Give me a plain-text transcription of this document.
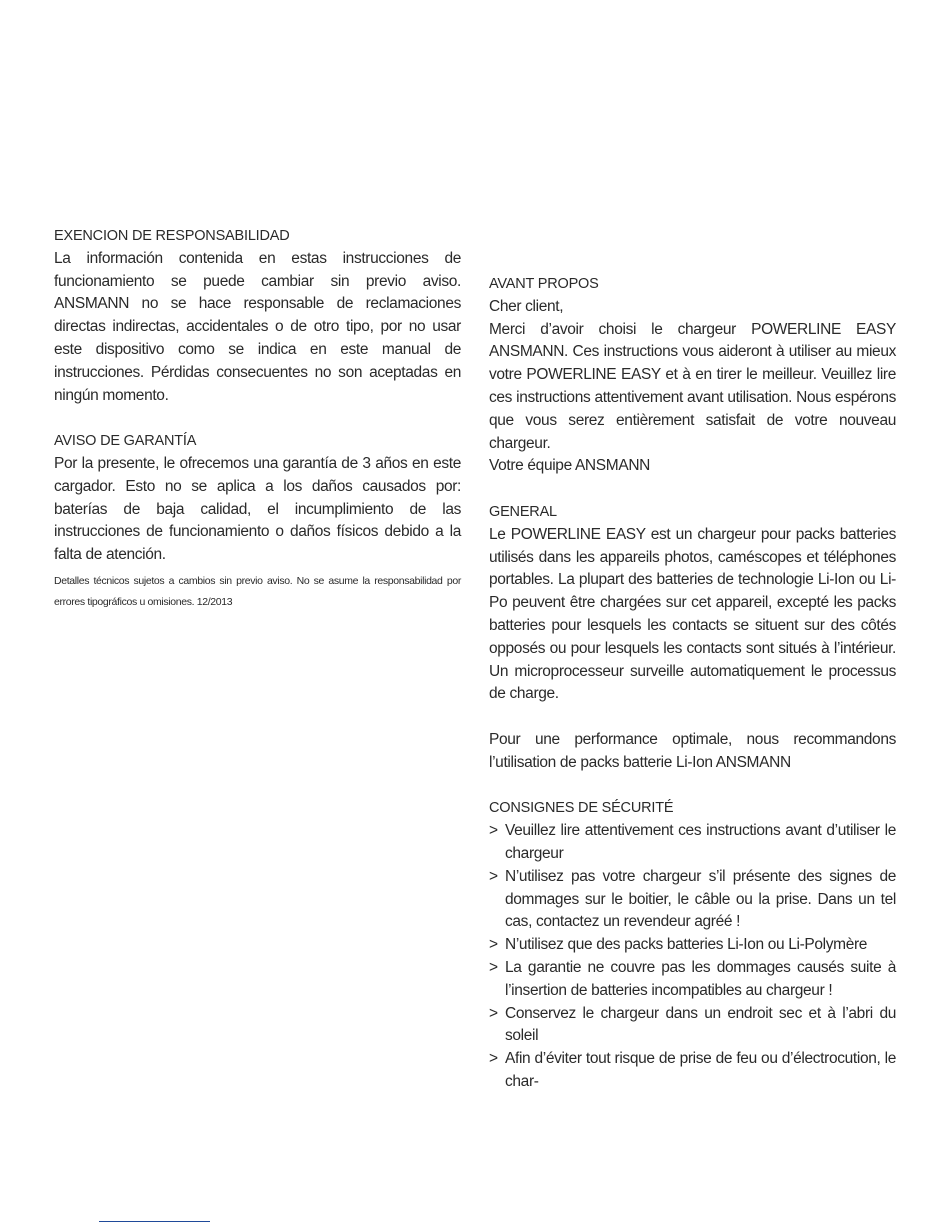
EXENCION DE RESPONSABILIDAD

La información contenida en estas instrucciones de funcionamiento se puede cambiar sin previo aviso. ANSMANN no se hace responsable de reclamaciones directas indirectas, accidentales o de otro tipo, por no usar este dispositivo como se indica en este manual de instrucciones. Pérdidas consecuentes no son aceptadas en ningún momento.

AVISO DE GARANTÍA

Por la presente, le ofrecemos una garantía de 3 años en este cargador. Esto no se aplica a los daños causados por: baterías de baja calidad, el incumplimiento de las instrucciones de funcionamiento o daños físicos debido a la falta de atención.

Detalles técnicos sujetos a cambios sin previo aviso. No se asume la responsabilidad por errores tipográficos u omisiones. 12/2013

AVANT PROPOS

Cher client,

Merci d’avoir choisi le chargeur POWERLINE EASY ANSMANN. Ces instructions vous aideront à utiliser au mieux votre POWERLINE EASY et à en tirer le meilleur. Veuillez lire ces instructions attentivement avant utilisation. Nous espérons que vous serez entièrement satisfait de votre nouveau chargeur.

Votre équipe ANSMANN

GENERAL

Le POWERLINE EASY est un chargeur pour packs batteries utilisés dans les appareils photos, caméscopes et téléphones portables. La plupart des batteries de technologie Li-Ion ou Li-Po peuvent être chargées sur cet appareil, excepté les packs batteries pour lesquels les contacts se situent sur des côtés opposés ou pour lesquels les contacts sont situés à l’intérieur. Un microprocesseur surveille automatiquement le processus de charge.

Pour une performance optimale, nous recommandons l’utilisation de packs batterie Li-Ion ANSMANN

CONSIGNES DE SÉCURITÉ

> Veuillez lire attentivement ces instructions avant d’utiliser le chargeur
> N’utilisez pas votre chargeur s’il présente des signes de dommages sur le boitier, le câble ou la prise. Dans un tel cas, contactez un revendeur agréé !
> N’utilisez que des packs batteries Li-Ion ou Li-Polymère
> La garantie ne couvre pas les dommages causés suite à l’insertion de batteries incompatibles au chargeur !
> Conservez le chargeur dans un endroit sec et à l’abri du soleil
> Afin d’éviter tout risque de prise de feu ou d’électrocution, le char-
